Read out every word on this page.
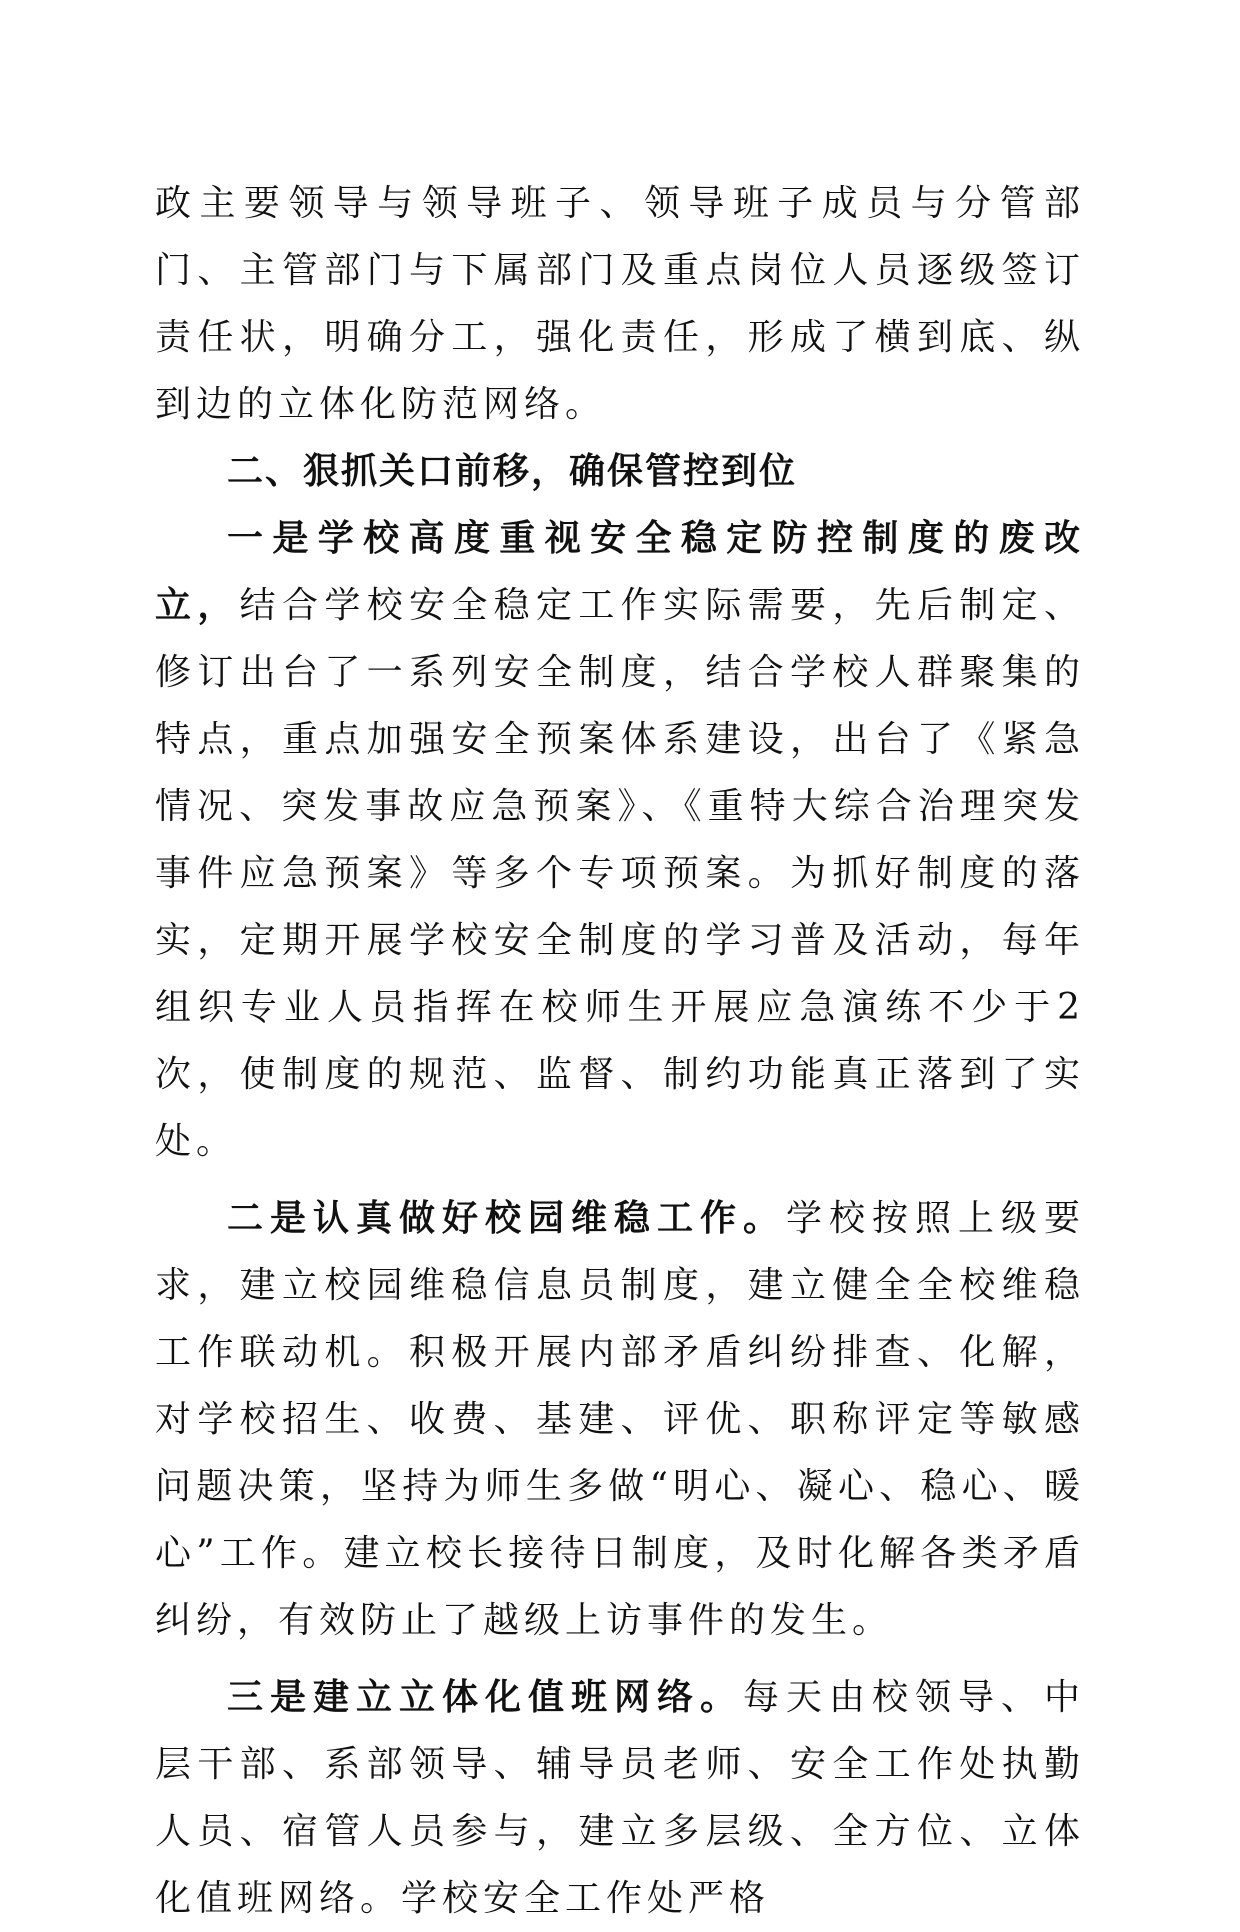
政主要领导与领导班子、领导班子成员与分管部门、主管部门与下属部门及重点岗位人员逐级签订责任状，明确分工，强化责任，形成了横到底、纵到边的立体化防范网络。

二、狠抓关口前移，确保管控到位

一是学校高度重视安全稳定防控制度的废改立，结合学校安全稳定工作实际需要，先后制定、修订出台了一系列安全制度，结合学校人群聚集的特点，重点加强安全预案体系建设，出台了《紧急情况、突发事故应急预案》、《重特大综合治理突发事件应急预案》等多个专项预案。为抓好制度的落实，定期开展学校安全制度的学习普及活动，每年组织专业人员指挥在校师生开展应急演练不少于2次，使制度的规范、监督、制约功能真正落到了实处。

二是认真做好校园维稳工作。学校按照上级要求，建立校园维稳信息员制度，建立健全全校维稳工作联动机。积极开展内部矛盾纠纷排查、化解，对学校招生、收费、基建、评优、职称评定等敏感问题决策，坚持为师生多做“明心、凝心、稳心、暖心”工作。建立校长接待日制度，及时化解各类矛盾纠纷，有效防止了越级上访事件的发生。

三是建立立体化值班网络。每天由校领导、中层干部、系部领导、辅导员老师、安全工作处执勤人员、宿管人员参与，建立多层级、全方位、立体化值班网络。学校安全工作处严格
